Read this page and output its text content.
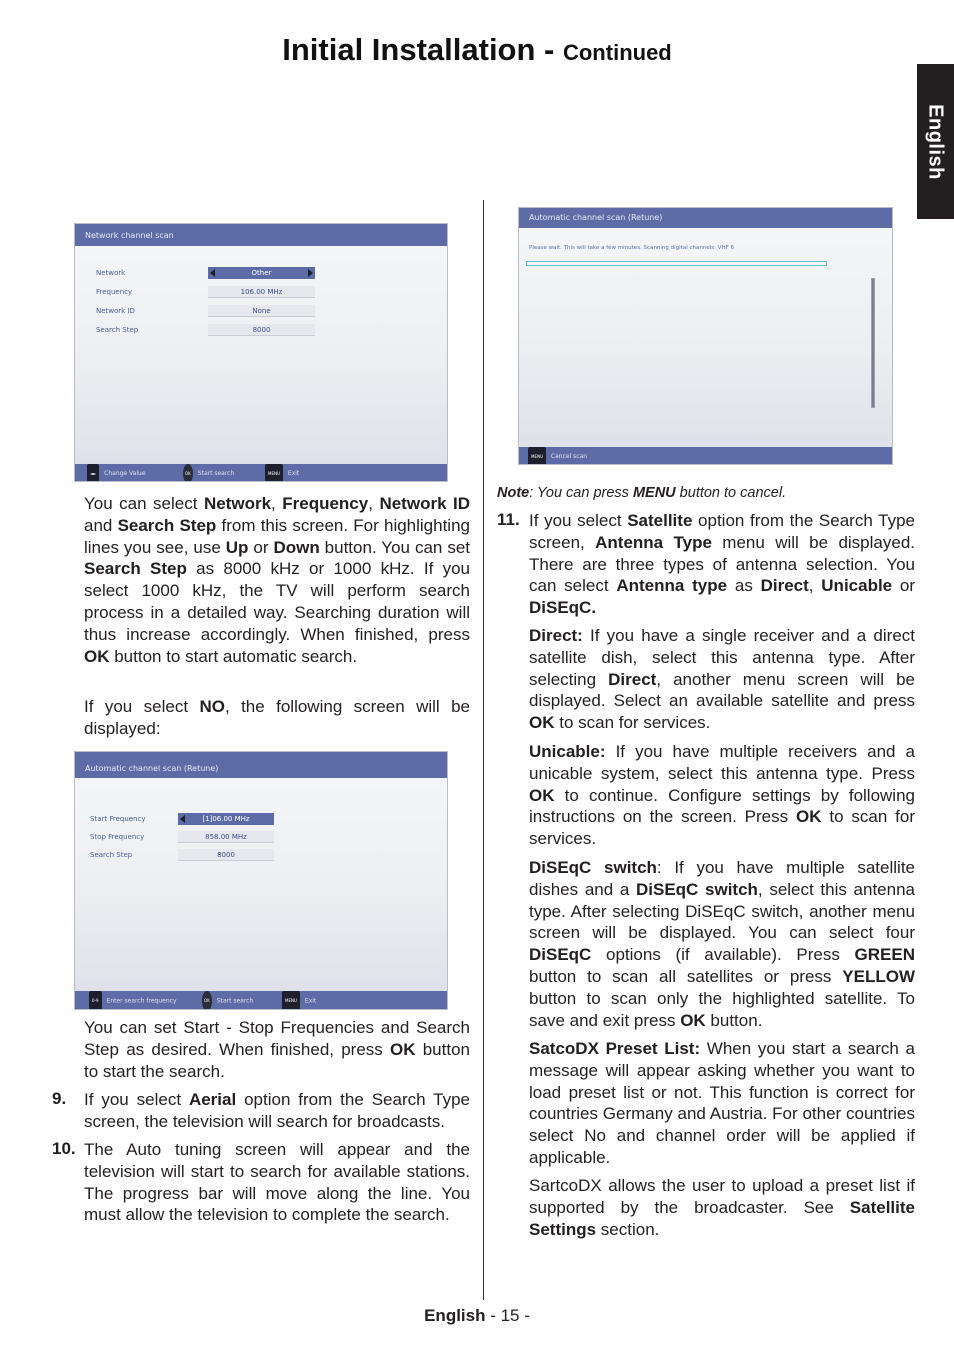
Initial Installation - Continued
English
Network channel scan
Network	Other
Frequency	106.00 MHz
Network ID	None
Search Step	8000
◄► Change Value	OK Start search	MENU Exit
Automatic channel scan (Retune)
Start Frequency	[1]06.00 MHz
Stop Frequency	858.00 MHz
Search Step	8000
0-9 Enter search frequency	OK Start search	MENU Exit
Automatic channel scan (Retune)
Please wait. This will take a few minutes. Scanning digital channels: VHF 6
MENU Cancel scan
You can select Network, Frequency, Network ID and Search Step from this screen. For highlighting lines you see, use Up or Down button. You can set Search Step as 8000 kHz or 1000 kHz. If you select 1000 kHz, the TV will perform search process in a detailed way. Searching duration will thus increase accordingly. When finished, press OK button to start automatic search.
If you select NO, the following screen will be displayed:
You can set Start - Stop Frequencies and Search Step as desired. When finished, press OK button to start the search.
9. If you select Aerial option from the Search Type screen, the television will search for broadcasts.
10. The Auto tuning screen will appear and the television will start to search for available stations. The progress bar will move along the line. You must allow the television to complete the search.
Note: You can press MENU button to cancel.
11. If you select Satellite option from the Search Type screen, Antenna Type menu will be displayed. There are three types of antenna selection. You can select Antenna type as Direct, Unicable or DiSEqC.
Direct: If you have a single receiver and a direct satellite dish, select this antenna type. After selecting Direct, another menu screen will be displayed. Select an available satellite and press OK to scan for services.
Unicable: If you have multiple receivers and a unicable system, select this antenna type. Press OK to continue. Configure settings by following instructions on the screen. Press OK to scan for services.
DiSEqC switch: If you have multiple satellite dishes and a DiSEqC switch, select this antenna type. After selecting DiSEqC switch, another menu screen will be displayed. You can select four DiSEqC options (if available). Press GREEN button to scan all satellites or press YELLOW button to scan only the highlighted satellite. To save and exit press OK button.
SatcoDX Preset List: When you start a search a message will appear asking whether you want to load preset list or not. This function is correct for countries Germany and Austria. For other countries select No and channel order will be applied if applicable.
SartcoDX allows the user to upload a preset list if supported by the broadcaster. See Satellite Settings section.
English - 15 -
